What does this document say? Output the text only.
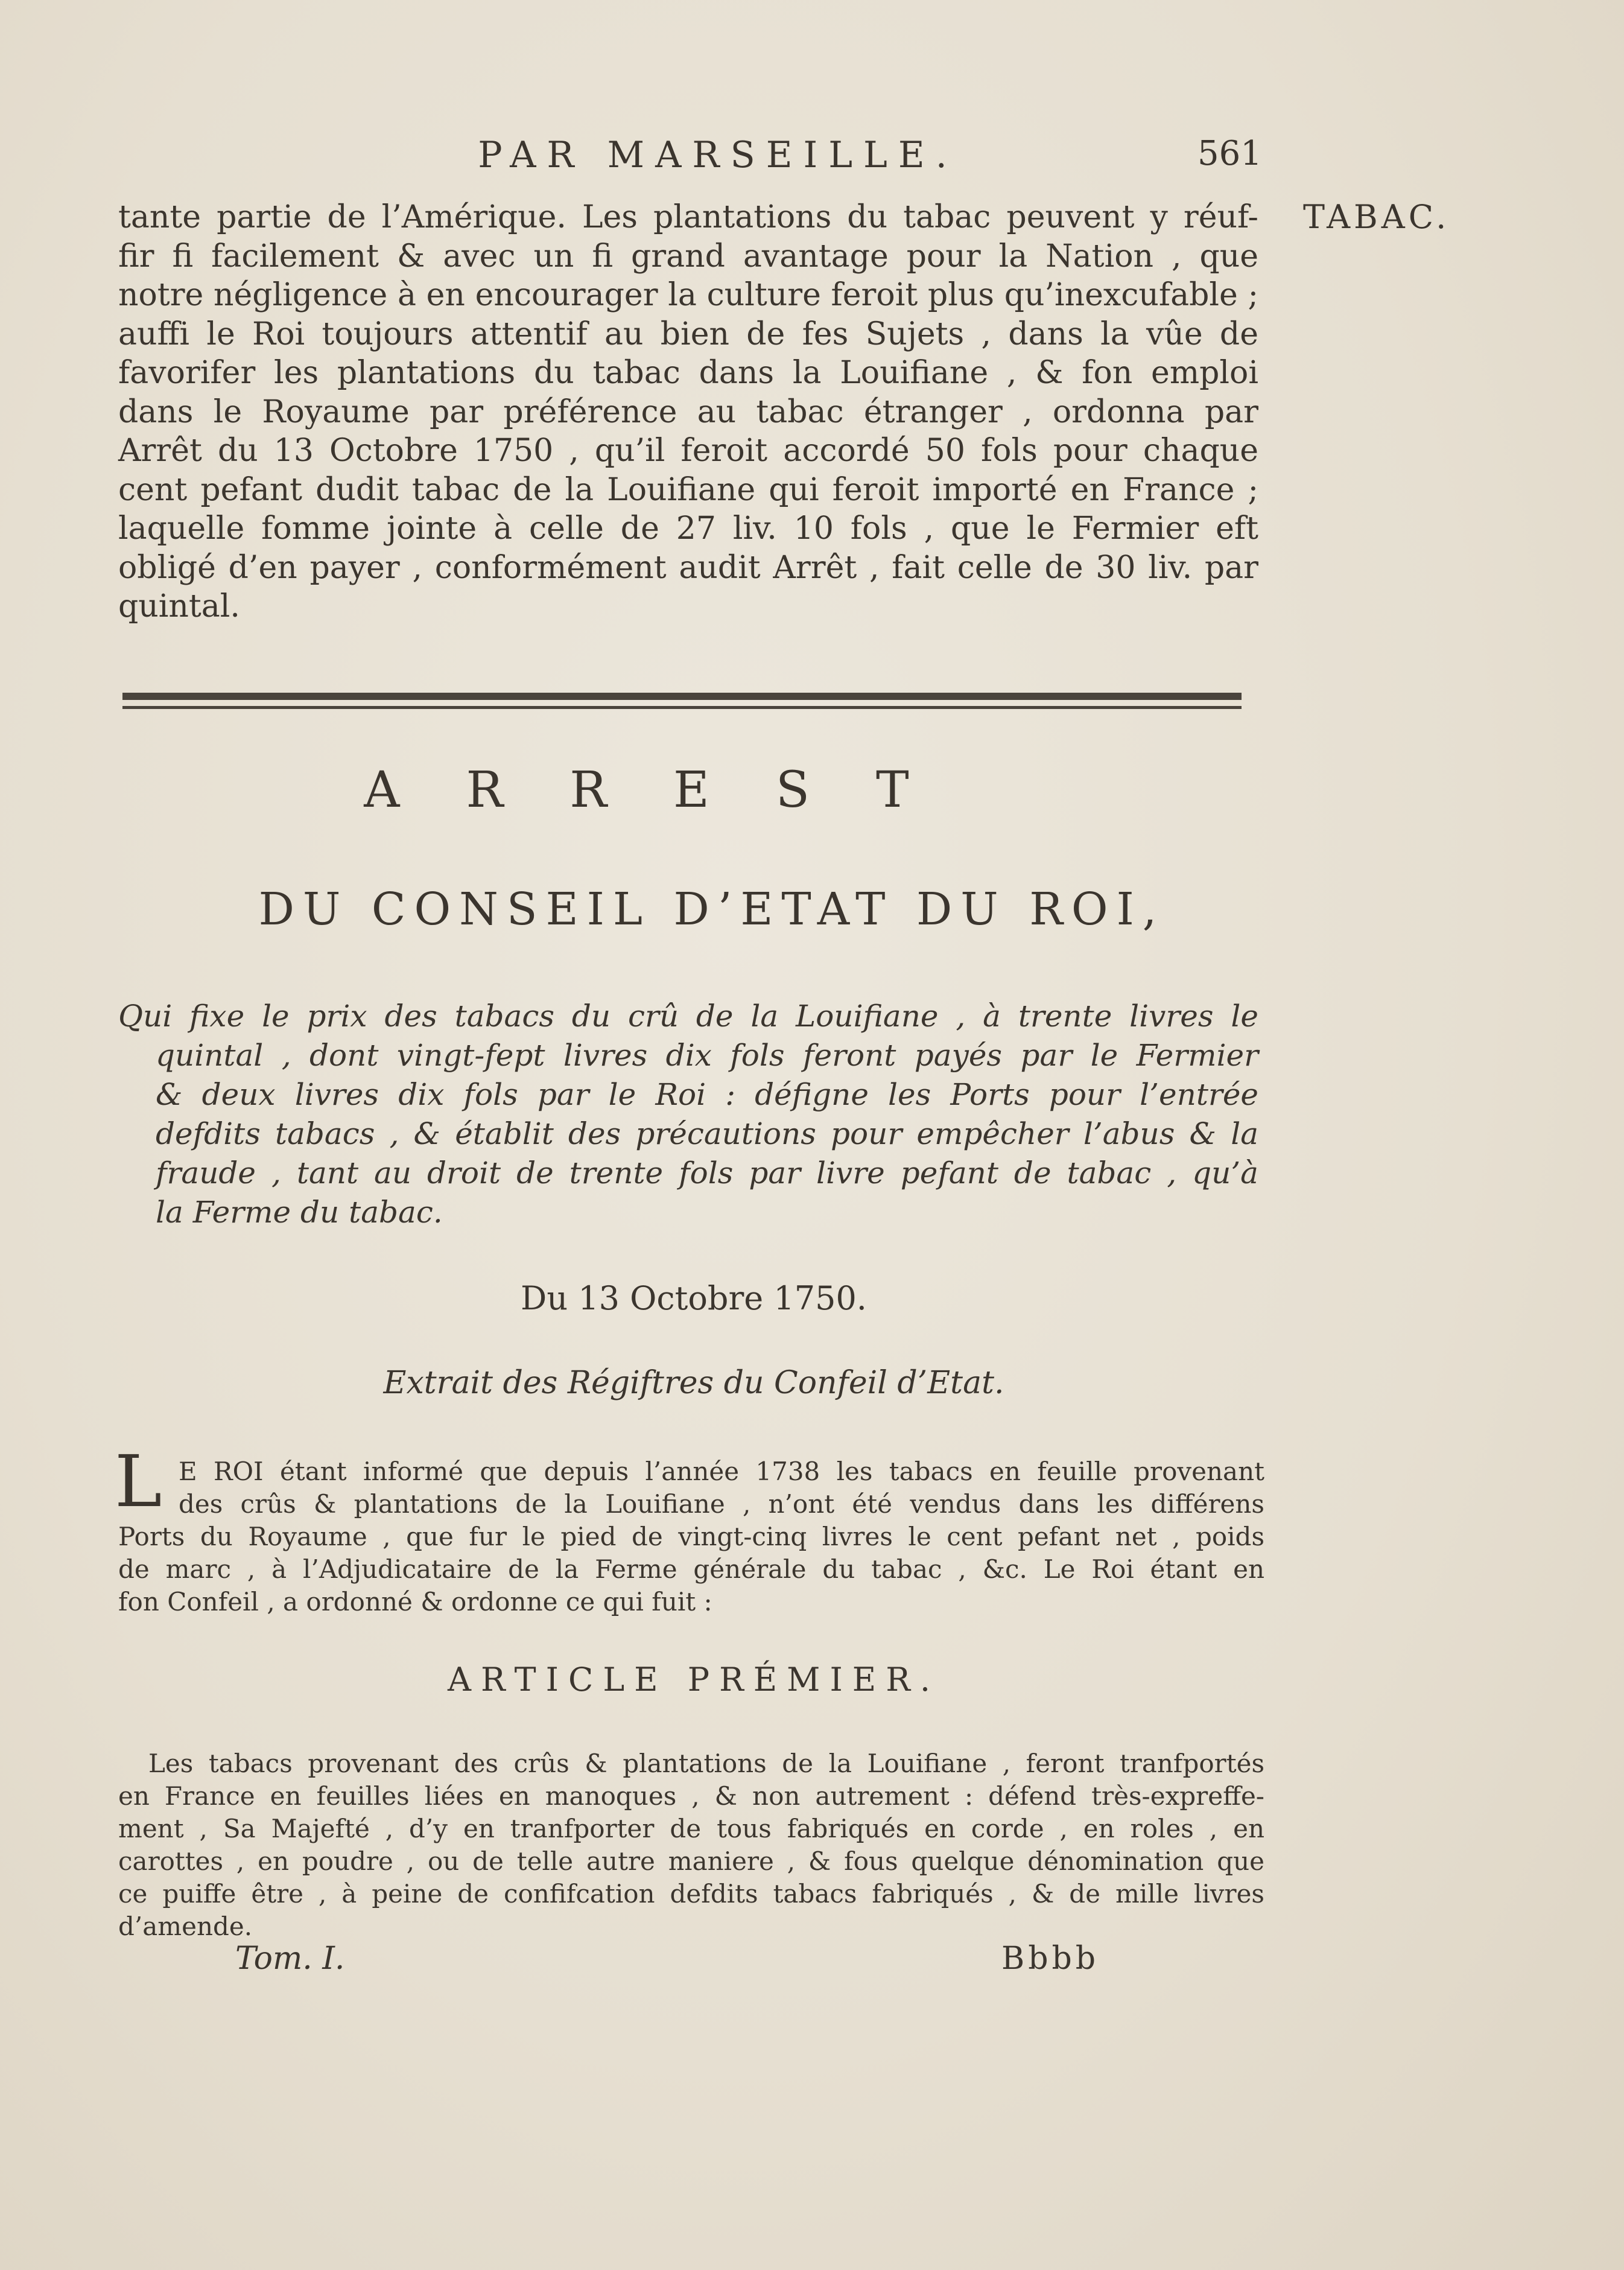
PAR MARSEILLE.	561
TABAC.
tante partie de l’Amérique. Les plantations du tabac peuvent y réuf-
fir fi facilement & avec un fi grand avantage pour la Nation , que
notre négligence à en encourager la culture feroit plus qu’inexcufable ;
auffi le Roi toujours attentif au bien de fes Sujets , dans la vûe de
favorifer les plantations du tabac dans la Louifiane , & fon emploi
dans le Royaume par préférence au tabac étranger , ordonna par
Arrêt du 13 Octobre 1750 , qu’il feroit accordé 50 fols pour chaque
cent pefant dudit tabac de la Louifiane qui feroit importé en France ;
laquelle fomme jointe à celle de 27 liv. 10 fols , que le Fermier eft
obligé d’en payer , conformément audit Arrêt , fait celle de 30 liv. par
quintal.
ARREST
DU CONSEIL D’ETAT DU ROI,
Qui fixe le prix des tabacs du crû de la Louifiane , à trente livres le
quintal , dont vingt-fept livres dix fols feront payés par le Fermier
& deux livres dix fols par le Roi : défigne les Ports pour l’entrée
defdits tabacs , & établit des précautions pour empêcher l’abus & la
fraude , tant au droit de trente fols par livre pefant de tabac , qu’à
la Ferme du tabac.
Du 13 Octobre 1750.
Extrait des Régiftres du Confeil d’Etat.
L E ROI étant informé que depuis l’année 1738 les tabacs en feuille provenant
des crûs & plantations de la Louifiane , n’ont été vendus dans les différens
Ports du Royaume , que fur le pied de vingt-cinq livres le cent pefant net , poids
de marc , à l’Adjudicataire de la Ferme générale du tabac , &c. Le Roi étant en
fon Confeil , a ordonné & ordonne ce qui fuit :
ARTICLE PRÉMIER.
Les tabacs provenant des crûs & plantations de la Louifiane , feront tranfportés
en France en feuilles liées en manoques , & non autrement : défend très-expreffe-
ment , Sa Majefté , d’y en tranfporter de tous fabriqués en corde , en roles , en
carottes , en poudre , ou de telle autre maniere , & fous quelque dénomination que
ce puiffe être , à peine de confifcation defdits tabacs fabriqués , & de mille livres
d’amende.
Tom. I.	Bbbb
